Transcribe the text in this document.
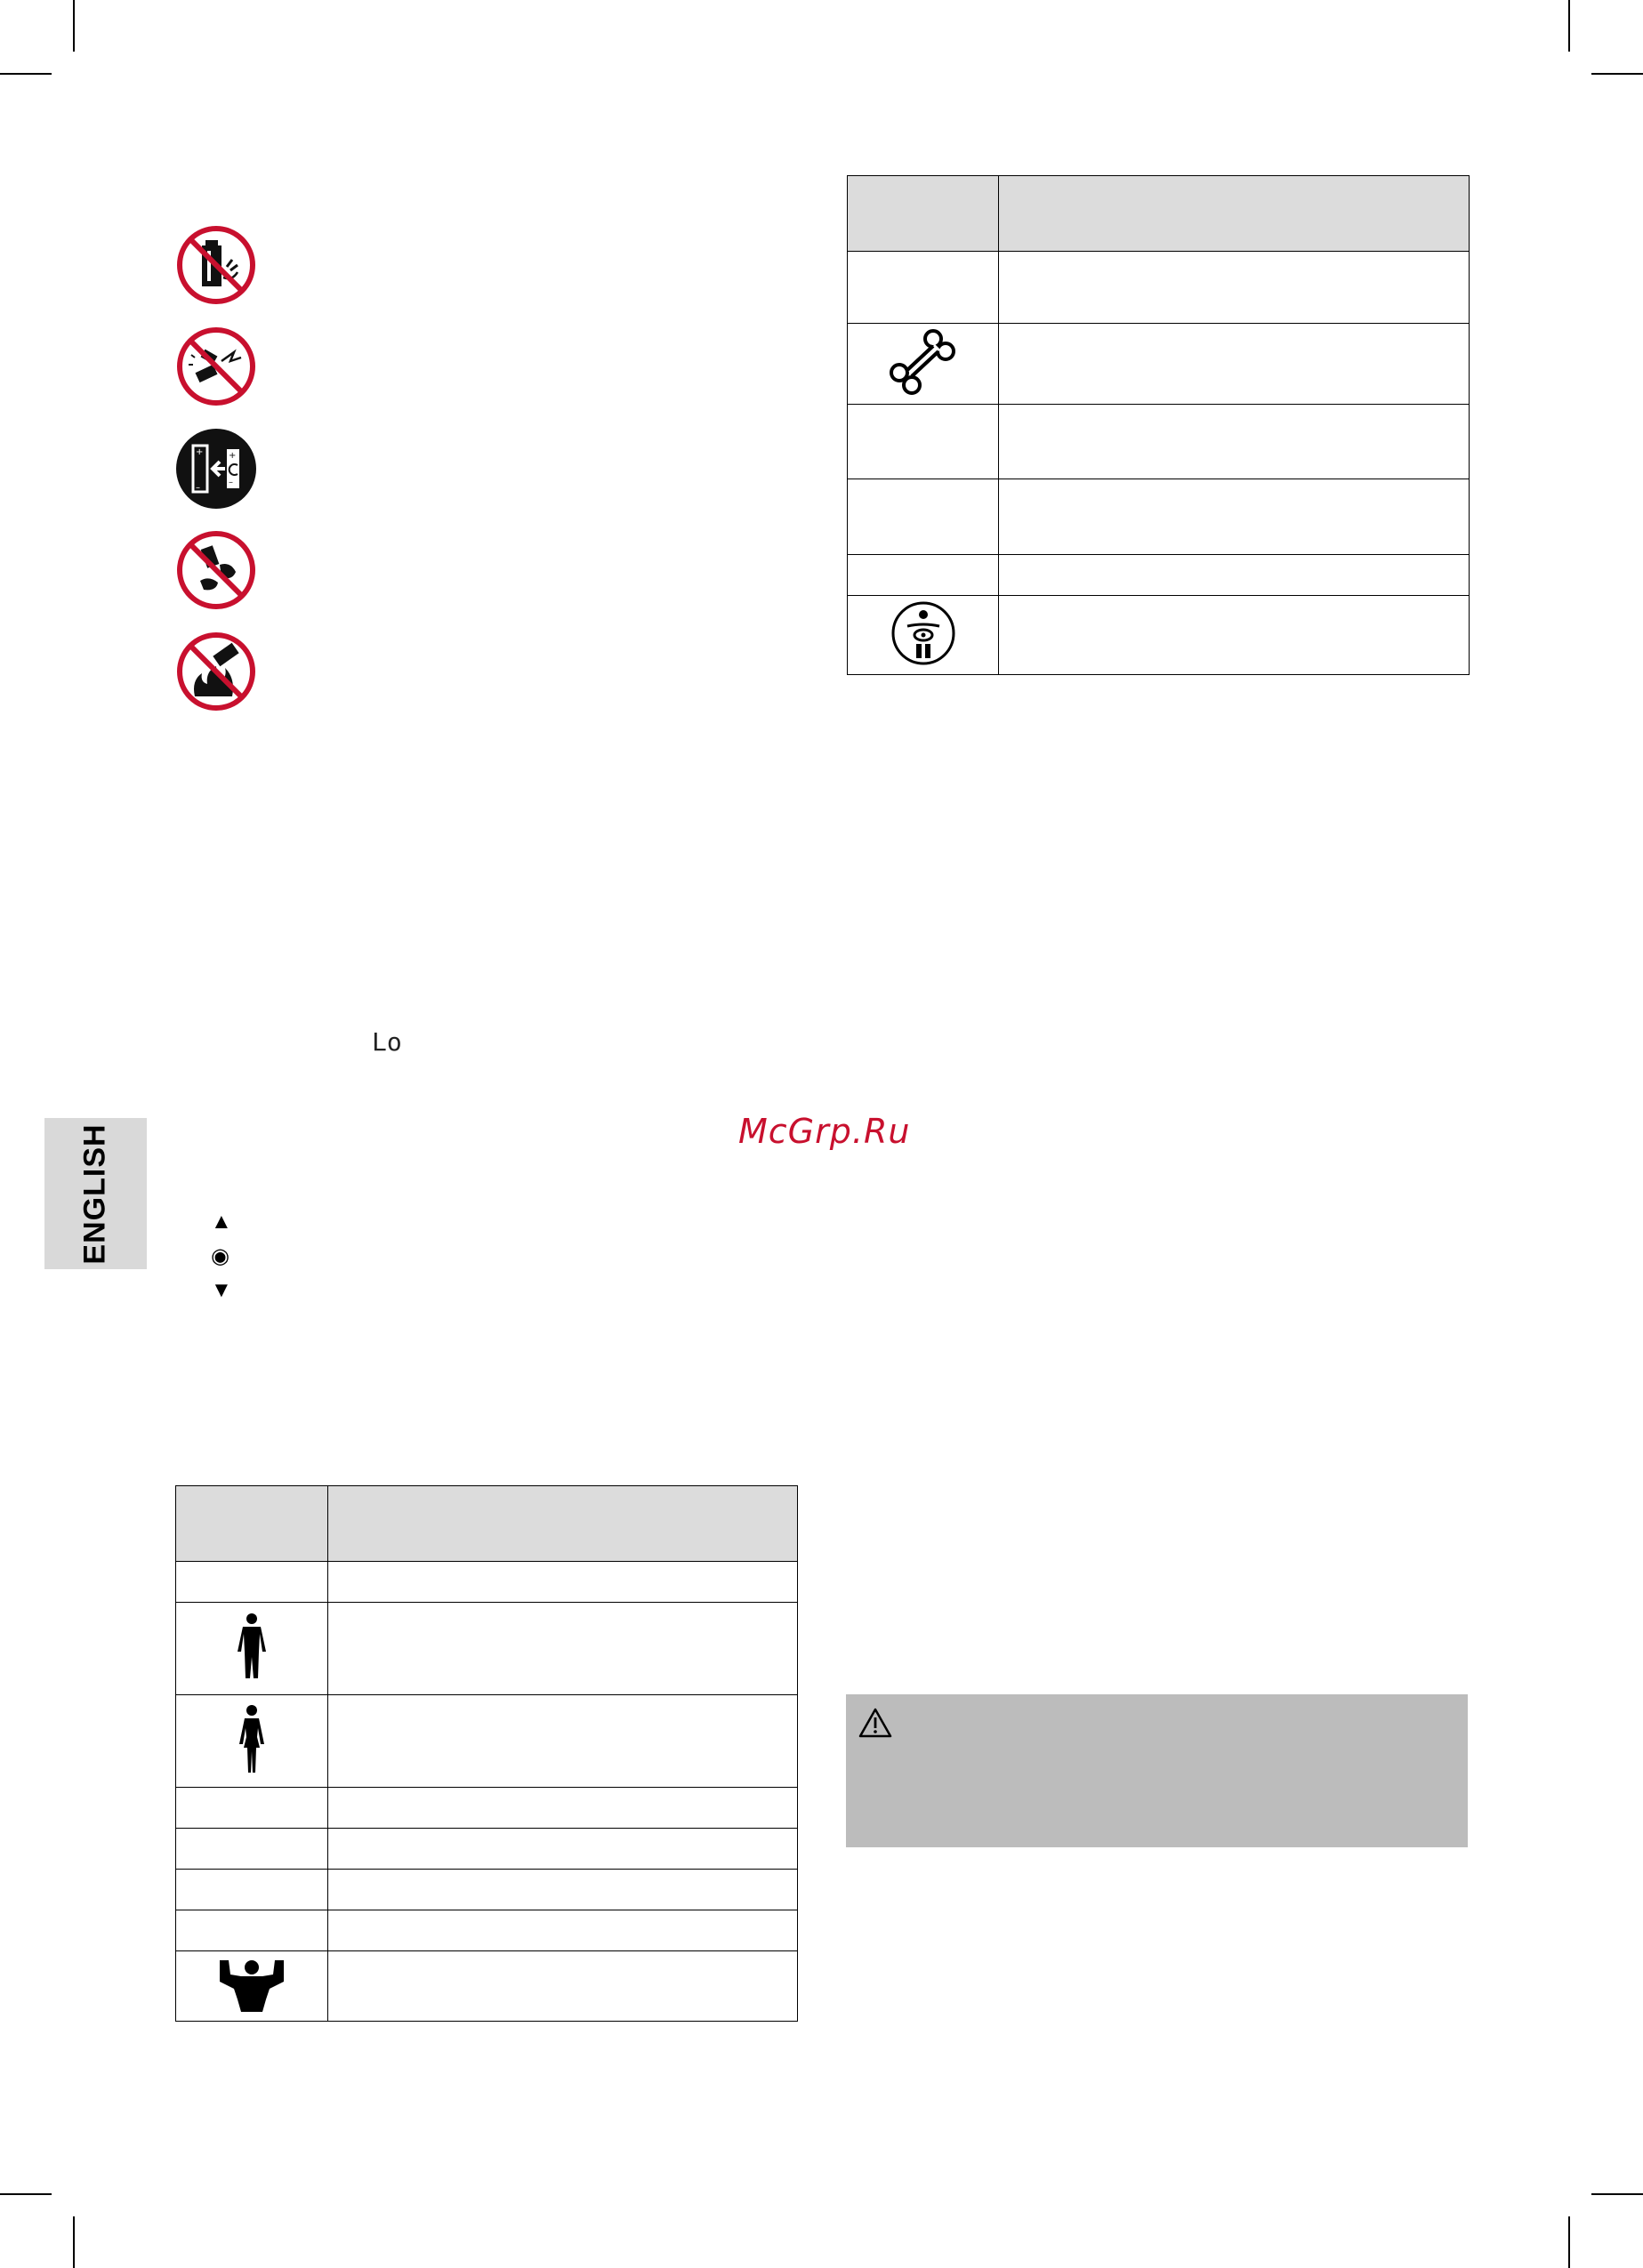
+
–
+
–
Lo
McGrp.Ru
ENGLISH	▲
◉
▼
